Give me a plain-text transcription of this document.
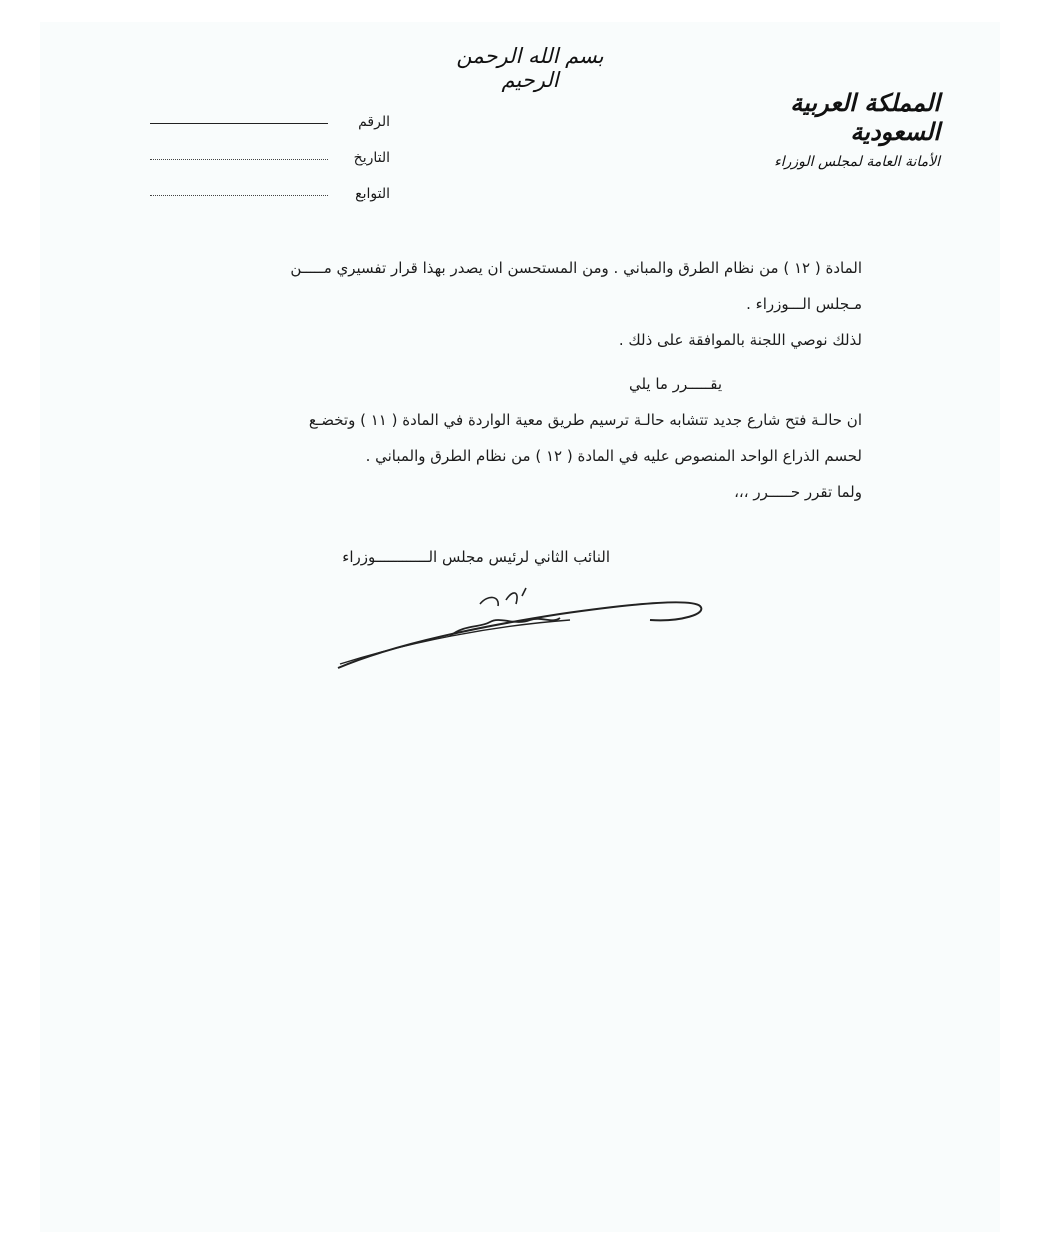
بسم الله الرحمن الرحيم
المملكة العربية السعودية
الأمانة العامة لمجلس الوزراء
الرقم
التاريخ
التوابع

المادة ( ١٢ ) من نظام الطرق والمباني . ومن المستحسن ان يصدر بهذا قرار تفسيري مـــــن

مـجلس الـــوزراء .

لذلك نوصي اللجنة بالموافقة على ذلك .

يقـــــرر ما يلي

ان حالـة فتح شارع جديد تتشابه حالـة ترسيم طريق معية الواردة في المادة ( ١١ ) وتخضـع

لحسم الذراع الواحد المنصوص عليه في المادة ( ١٢ ) من نظام الطرق والمباني .

ولما تقرر حـــــرر ،،،

النائب الثاني لرئيس مجلس الــــــــــــوزراء
